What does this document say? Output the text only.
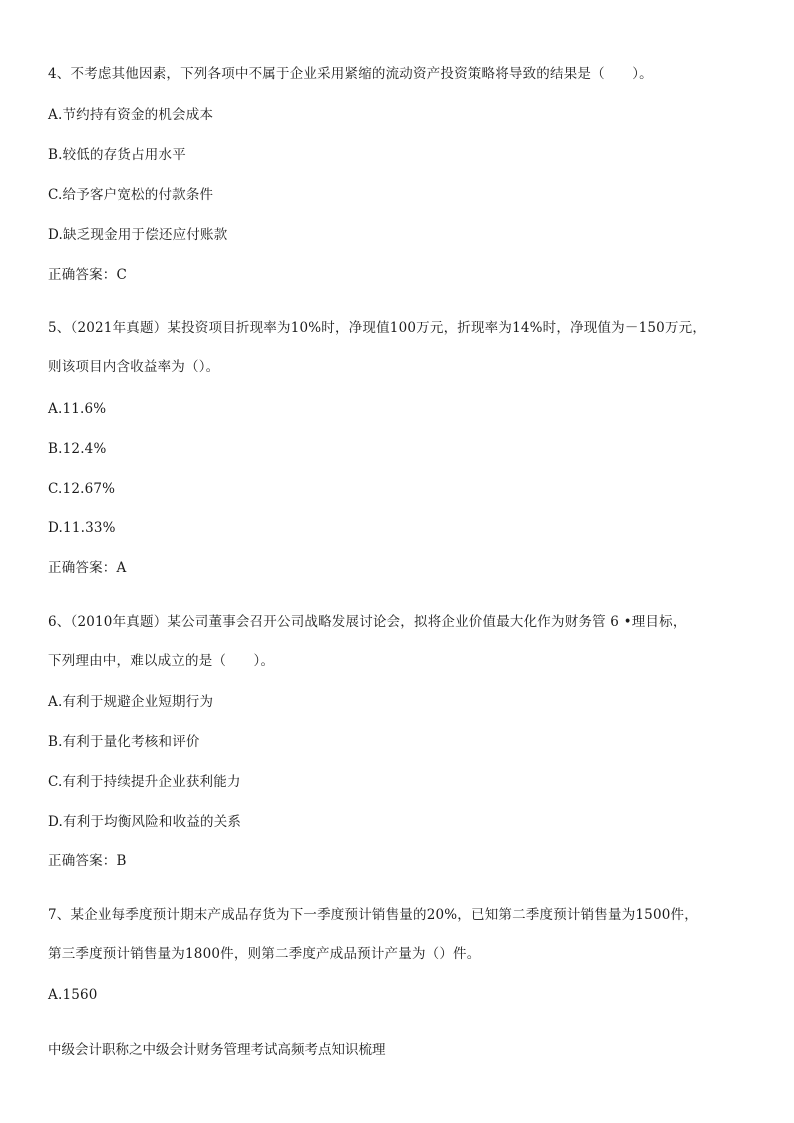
4、不考虑其他因素，下列各项中不属于企业采用紧缩的流动资产投资策略将导致的结果是（　　）。
A.节约持有资金的机会成本
B.较低的存货占用水平
C.给予客户宽松的付款条件
D.缺乏现金用于偿还应付账款
正确答案：C
5、（2021年真题）某投资项目折现率为10%时，净现值100万元，折现率为14%时，净现值为－150万元，
则该项目内含收益率为（）。
A.11.6%
B.12.4%
C.12.67%
D.11.33%
正确答案：A
6、（2010年真题）某公司董事会召开公司战略发展讨论会，拟将企业价值最大化作为财务管 6 •理目标，
下列理由中，难以成立的是（　　）。
A.有利于规避企业短期行为
B.有利于量化考核和评价
C.有利于持续提升企业获利能力
D.有利于均衡风险和收益的关系
正确答案：B
7、某企业每季度预计期末产成品存货为下一季度预计销售量的20%，已知第二季度预计销售量为1500件，
第三季度预计销售量为1800件，则第二季度产成品预计产量为（）件。
A.1560
中级会计职称之中级会计财务管理考试高频考点知识梳理
